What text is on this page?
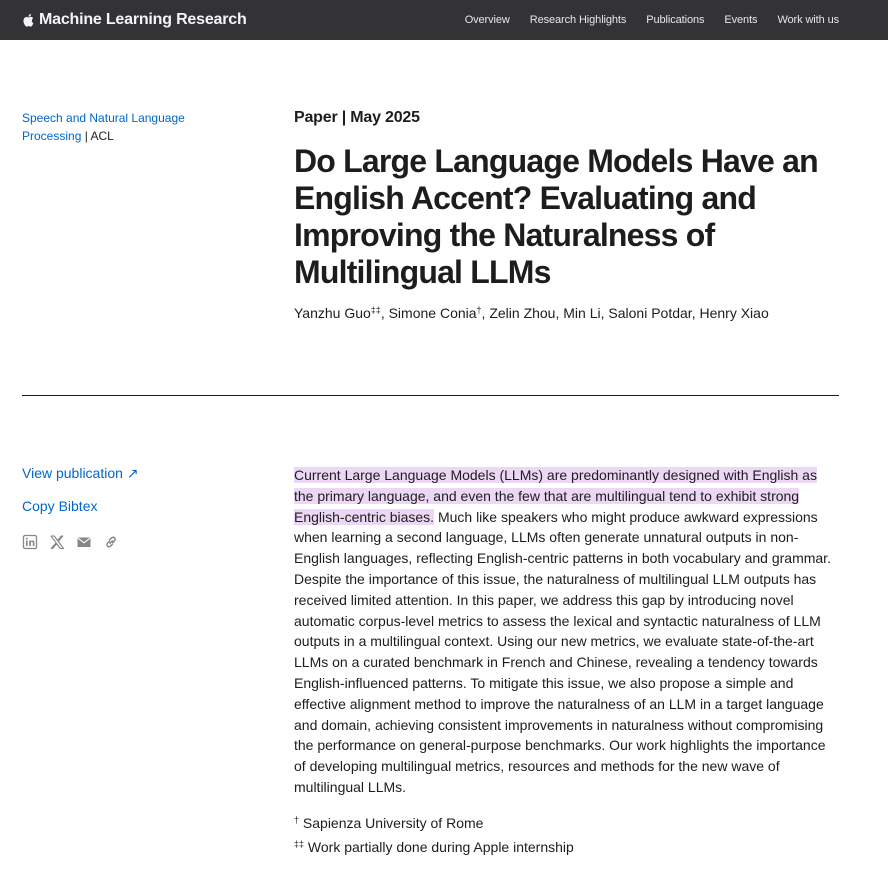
Machine Learning Research	Overview Research Highlights Publications Events Work with us
Speech and Natural Language Processing | ACL
Paper | May 2025
Do Large Language Models Have an English Accent? Evaluating and Improving the Naturalness of Multilingual LLMs
Yanzhu Guo‡‡, Simone Conia†, Zelin Zhou, Min Li, Saloni Potdar, Henry Xiao
View publication ↗
Copy Bibtex

Current Large Language Models (LLMs) are predominantly designed with English as the primary language, and even the few that are multilingual tend to exhibit strong English-centric biases. Much like speakers who might produce awkward expressions when learning a second language, LLMs often generate unnatural outputs in non-English languages, reflecting English-centric patterns in both vocabulary and grammar. Despite the importance of this issue, the naturalness of multilingual LLM outputs has received limited attention. In this paper, we address this gap by introducing novel automatic corpus-level metrics to assess the lexical and syntactic naturalness of LLM outputs in a multilingual context. Using our new metrics, we evaluate state-of-the-art LLMs on a curated benchmark in French and Chinese, revealing a tendency towards English-influenced patterns. To mitigate this issue, we also propose a simple and effective alignment method to improve the naturalness of an LLM in a target language and domain, achieving consistent improvements in naturalness without compromising the performance on general-purpose benchmarks. Our work highlights the importance of developing multilingual metrics, resources and methods for the new wave of multilingual LLMs.

† Sapienza University of Rome
‡‡ Work partially done during Apple internship
